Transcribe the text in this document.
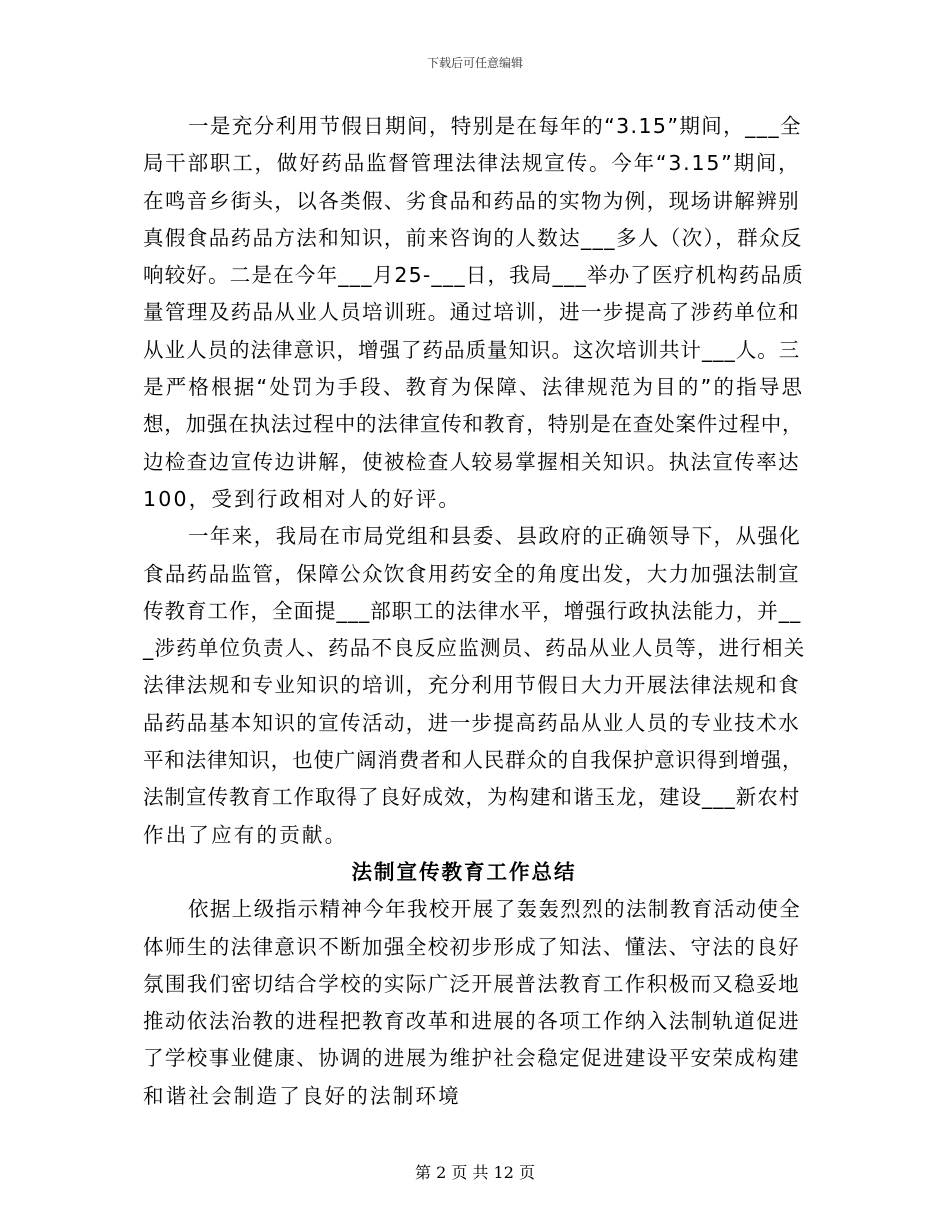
下载后可任意编辑
一是充分利用节假日期间，特别是在每年的“3.15”期间，___全
局干部职工，做好药品监督管理法律法规宣传。今年“3.15”期间，
在鸣音乡街头，以各类假、劣食品和药品的实物为例，现场讲解辨别
真假食品药品方法和知识，前来咨询的人数达___多人（次），群众反
响较好。二是在今年___月25-___日，我局___举办了医疗机构药品质
量管理及药品从业人员培训班。通过培训，进一步提高了涉药单位和
从业人员的法律意识，增强了药品质量知识。这次培训共计___人。三
是严格根据“处罚为手段、教育为保障、法律规范为目的”的指导思
想，加强在执法过程中的法律宣传和教育，特别是在查处案件过程中，
边检查边宣传边讲解，使被检查人较易掌握相关知识。执法宣传率达
100，受到行政相对人的好评。
一年来，我局在市局党组和县委、县政府的正确领导下，从强化
食品药品监管，保障公众饮食用药安全的角度出发，大力加强法制宣
传教育工作，全面提___部职工的法律水平，增强行政执法能力，并__
_涉药单位负责人、药品不良反应监测员、药品从业人员等，进行相关
法律法规和专业知识的培训，充分利用节假日大力开展法律法规和食
品药品基本知识的宣传活动，进一步提高药品从业人员的专业技术水
平和法律知识，也使广阔消费者和人民群众的自我保护意识得到增强，
法制宣传教育工作取得了良好成效，为构建和谐玉龙，建设___新农村
作出了应有的贡献。
法制宣传教育工作总结
依据上级指示精神今年我校开展了轰轰烈烈的法制教育活动使全
体师生的法律意识不断加强全校初步形成了知法、懂法、守法的良好
氛围我们密切结合学校的实际广泛开展普法教育工作积极而又稳妥地
推动依法治教的进程把教育改革和进展的各项工作纳入法制轨道促进
了学校事业健康、协调的进展为维护社会稳定促进建设平安荣成构建
和谐社会制造了良好的法制环境
第 2 页 共 12 页
